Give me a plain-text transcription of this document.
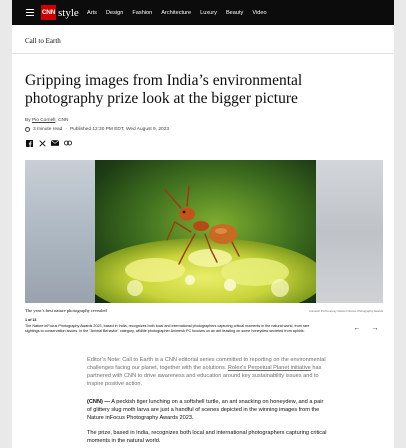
CNN style Arts Design Fashion Architecture Luxury Beauty Video
Call to Earth
Gripping images from India’s environmental photography prize look at the bigger picture
By Pio Cornell, CNN
3 minute read · Published 12:30 PM EDT, Wed August 9, 2023
The year’s best nature photography revealed	Animesh PC/Courtesy Nature InFocus Photography Awards
1 of 13
The Nature inFocus Photography Awards 2023, based in India, recognizes both local and international photographers capturing critical moments in the natural world, from rare sightings to conservation issues. In the "Animal Behavior" category, wildlife photographer Animesh PC focuses on an ant feasting on some honeydew secreted from aphids.	← →
Editor’s Note: Call to Earth is a CNN editorial series committed to reporting on the environmental challenges facing our planet, together with the solutions. Rolex’s Perpetual Planet initiative has partnered with CNN to drive awareness and education around key sustainability issues and to inspire positive action.

(CNN) — A peckish tiger lunching on a softshell turtle, an ant snacking on honeydew, and a pair of glittery slug moth larva are just a handful of scenes depicted in the winning images from the Nature inFocus Photography Awards 2023.

The prize, based in India, recognizes both local and international photographers capturing critical moments in the natural world.
